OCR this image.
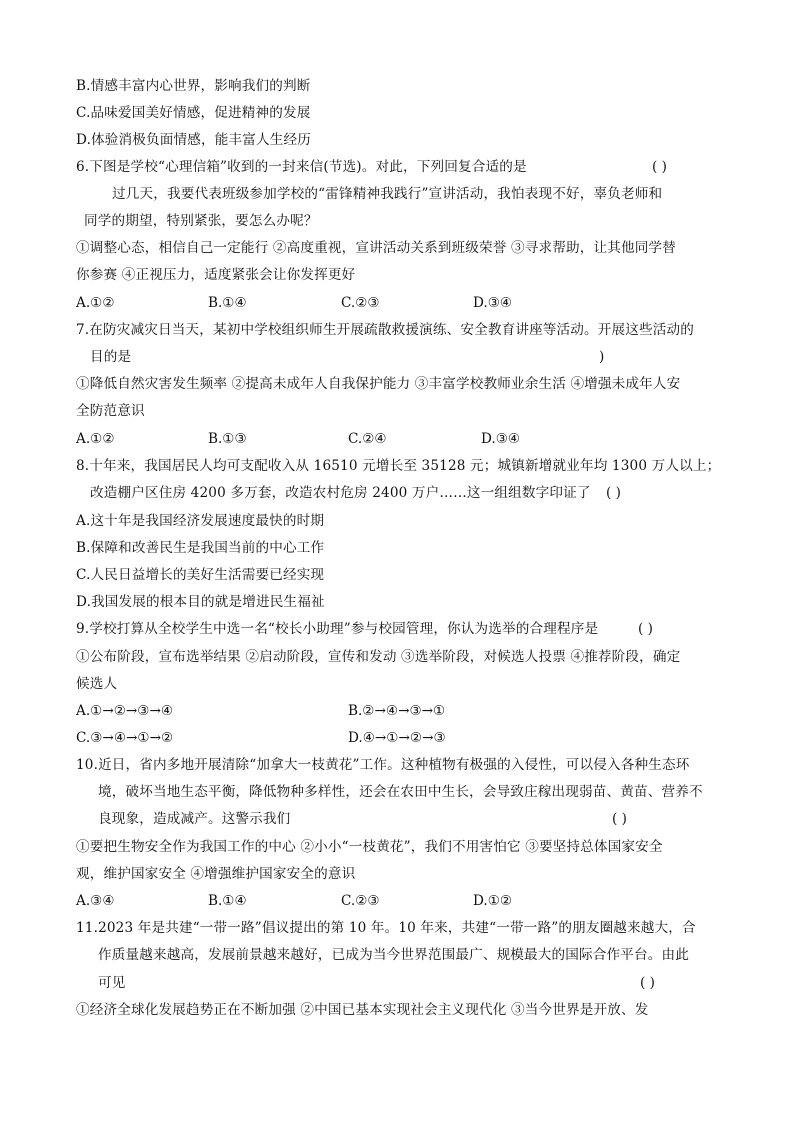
B.情感丰富内心世界，影响我们的判断
C.品味爱国美好情感，促进精神的发展
D.体验消极负面情感，能丰富人生经历
6.下图是学校“心理信箱”收到的一封来信(节选)。对此，下列回复合适的是	( )
过几天，我要代表班级参加学校的“雷锋精神我践行”宣讲活动，我怕表现不好，辜负老师和
同学的期望，特别紧张，要怎么办呢？
①调整心态，相信自己一定能行 ②高度重视，宣讲活动关系到班级荣誉 ③寻求帮助，让其他同学替
你参赛 ④正视压力，适度紧张会让你发挥更好
A.①②	B.①④	C.②③	D.③④
7.在防灾减灾日当天，某初中学校组织师生开展疏散救援演练、安全教育讲座等活动。开展这些活动的
目的是	)
①降低自然灾害发生频率 ②提高未成年人自我保护能力 ③丰富学校教师业余生活 ④增强未成年人安
全防范意识
A.①②	B.①③	C.②④	D.③④
8.十年来，我国居民人均可支配收入从 16510 元增长至 35128 元；城镇新增就业年均 1300 万人以上；
改造棚户区住房 4200 多万套，改造农村危房 2400 万户……这一组组数字印证了 ( )
A.这十年是我国经济发展速度最快的时期
B.保障和改善民生是我国当前的中心工作
C.人民日益增长的美好生活需要已经实现
D.我国发展的根本目的就是增进民生福祉
9.学校打算从全校学生中选一名“校长小助理”参与校园管理，你认为选举的合理程序是	( )
①公布阶段，宣布选举结果 ②启动阶段，宣传和发动 ③选举阶段，对候选人投票 ④推荐阶段，确定
候选人
A.①→②→③→④	B.②→④→③→①
C.③→④→①→②	D.④→①→②→③
10.近日，省内多地开展清除“加拿大一枝黄花”工作。这种植物有极强的入侵性，可以侵入各种生态环
境，破坏当地生态平衡，降低物种多样性，还会在农田中生长，会导致庄稼出现弱苗、黄苗、营养不
良现象，造成减产。这警示我们	( )
①要把生物安全作为我国工作的中心 ②小小“一枝黄花”，我们不用害怕它 ③要坚持总体国家安全
观，维护国家安全 ④增强维护国家安全的意识
A.③④	B.①④	C.②③	D.①②
11.2023 年是共建“一带一路”倡议提出的第 10 年。10 年来，共建“一带一路”的朋友圈越来越大，合
作质量越来越高，发展前景越来越好，已成为当今世界范围最广、规模最大的国际合作平台。由此
可见	( )
①经济全球化发展趋势正在不断加强 ②中国已基本实现社会主义现代化 ③当今世界是开放、发
